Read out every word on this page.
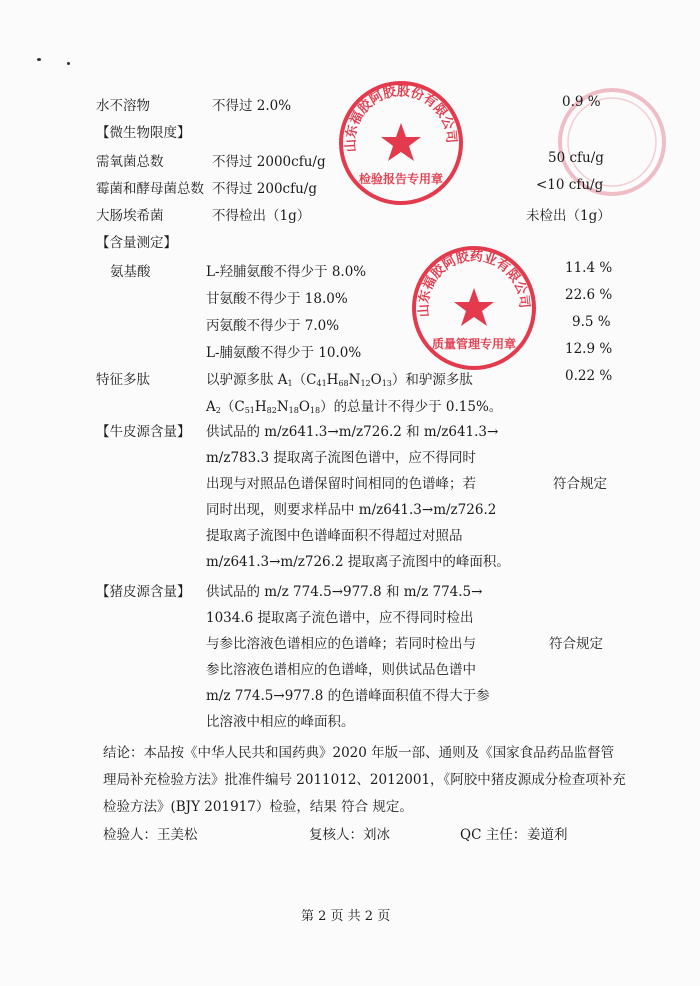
山东福胶阿胶股份有限公司
检验报告专用章
山东福胶阿胶药业有限公司
质量管理专用章
水不溶物	不得过 2.0%	0.9 %
【微生物限度】
需氧菌总数	不得过 2000cfu/g	50 cfu/g
霉菌和酵母菌总数 不得过 200cfu/g	<10 cfu/g
大肠埃希菌	不得检出（1g）	未检出（1g）
【含量测定】
氨基酸	L-羟脯氨酸不得少于 8.0%	11.4 %
甘氨酸不得少于 18.0%	22.6 %
丙氨酸不得少于 7.0%	9.5 %
L-脯氨酸不得少于 10.0%	12.9 %
特征多肽	以驴源多肽 $A_1(C_{41}H_{68}N_{12}O_{13})$和驴源多肽	0.22 %
$A_2(C_{51}H_{82}N_{18}O_{18})$的总量计不得少于 0.15%。
【牛皮源含量】 供试品的 m/z641.3→m/z726.2 和 m/z641.3→
m/z783.3 提取离子流图色谱中，应不得同时
出现与对照品色谱保留时间相同的色谱峰；若
同时出现，则要求样品中 m/z641.3→m/z726.2
提取离子流图中色谱峰面积不得超过对照品
m/z641.3→m/z726.2 提取离子流图中的峰面积。
符合规定
【猪皮源含量】 供试品的 m/z 774.5→977.8 和 m/z 774.5→
1034.6 提取离子流色谱中，应不得同时检出
与参比溶液色谱相应的色谱峰；若同时检出与
参比溶液色谱相应的色谱峰，则供试品色谱中
m/z 774.5→977.8 的色谱峰面积值不得大于参
比溶液中相应的峰面积。
符合规定
结论：本品按《中华人民共和国药典》2020 年版一部、通则及《国家食品药品监督管
理局补充检验方法》批准件编号 2011012、2012001，《阿胶中猪皮源成分检查项补充
检验方法》(BJY 201917）检验，结果 符合 规定。
检验人：王美松	复核人：刘冰	QC 主任： 姜道利
第 2 页 共 2 页
